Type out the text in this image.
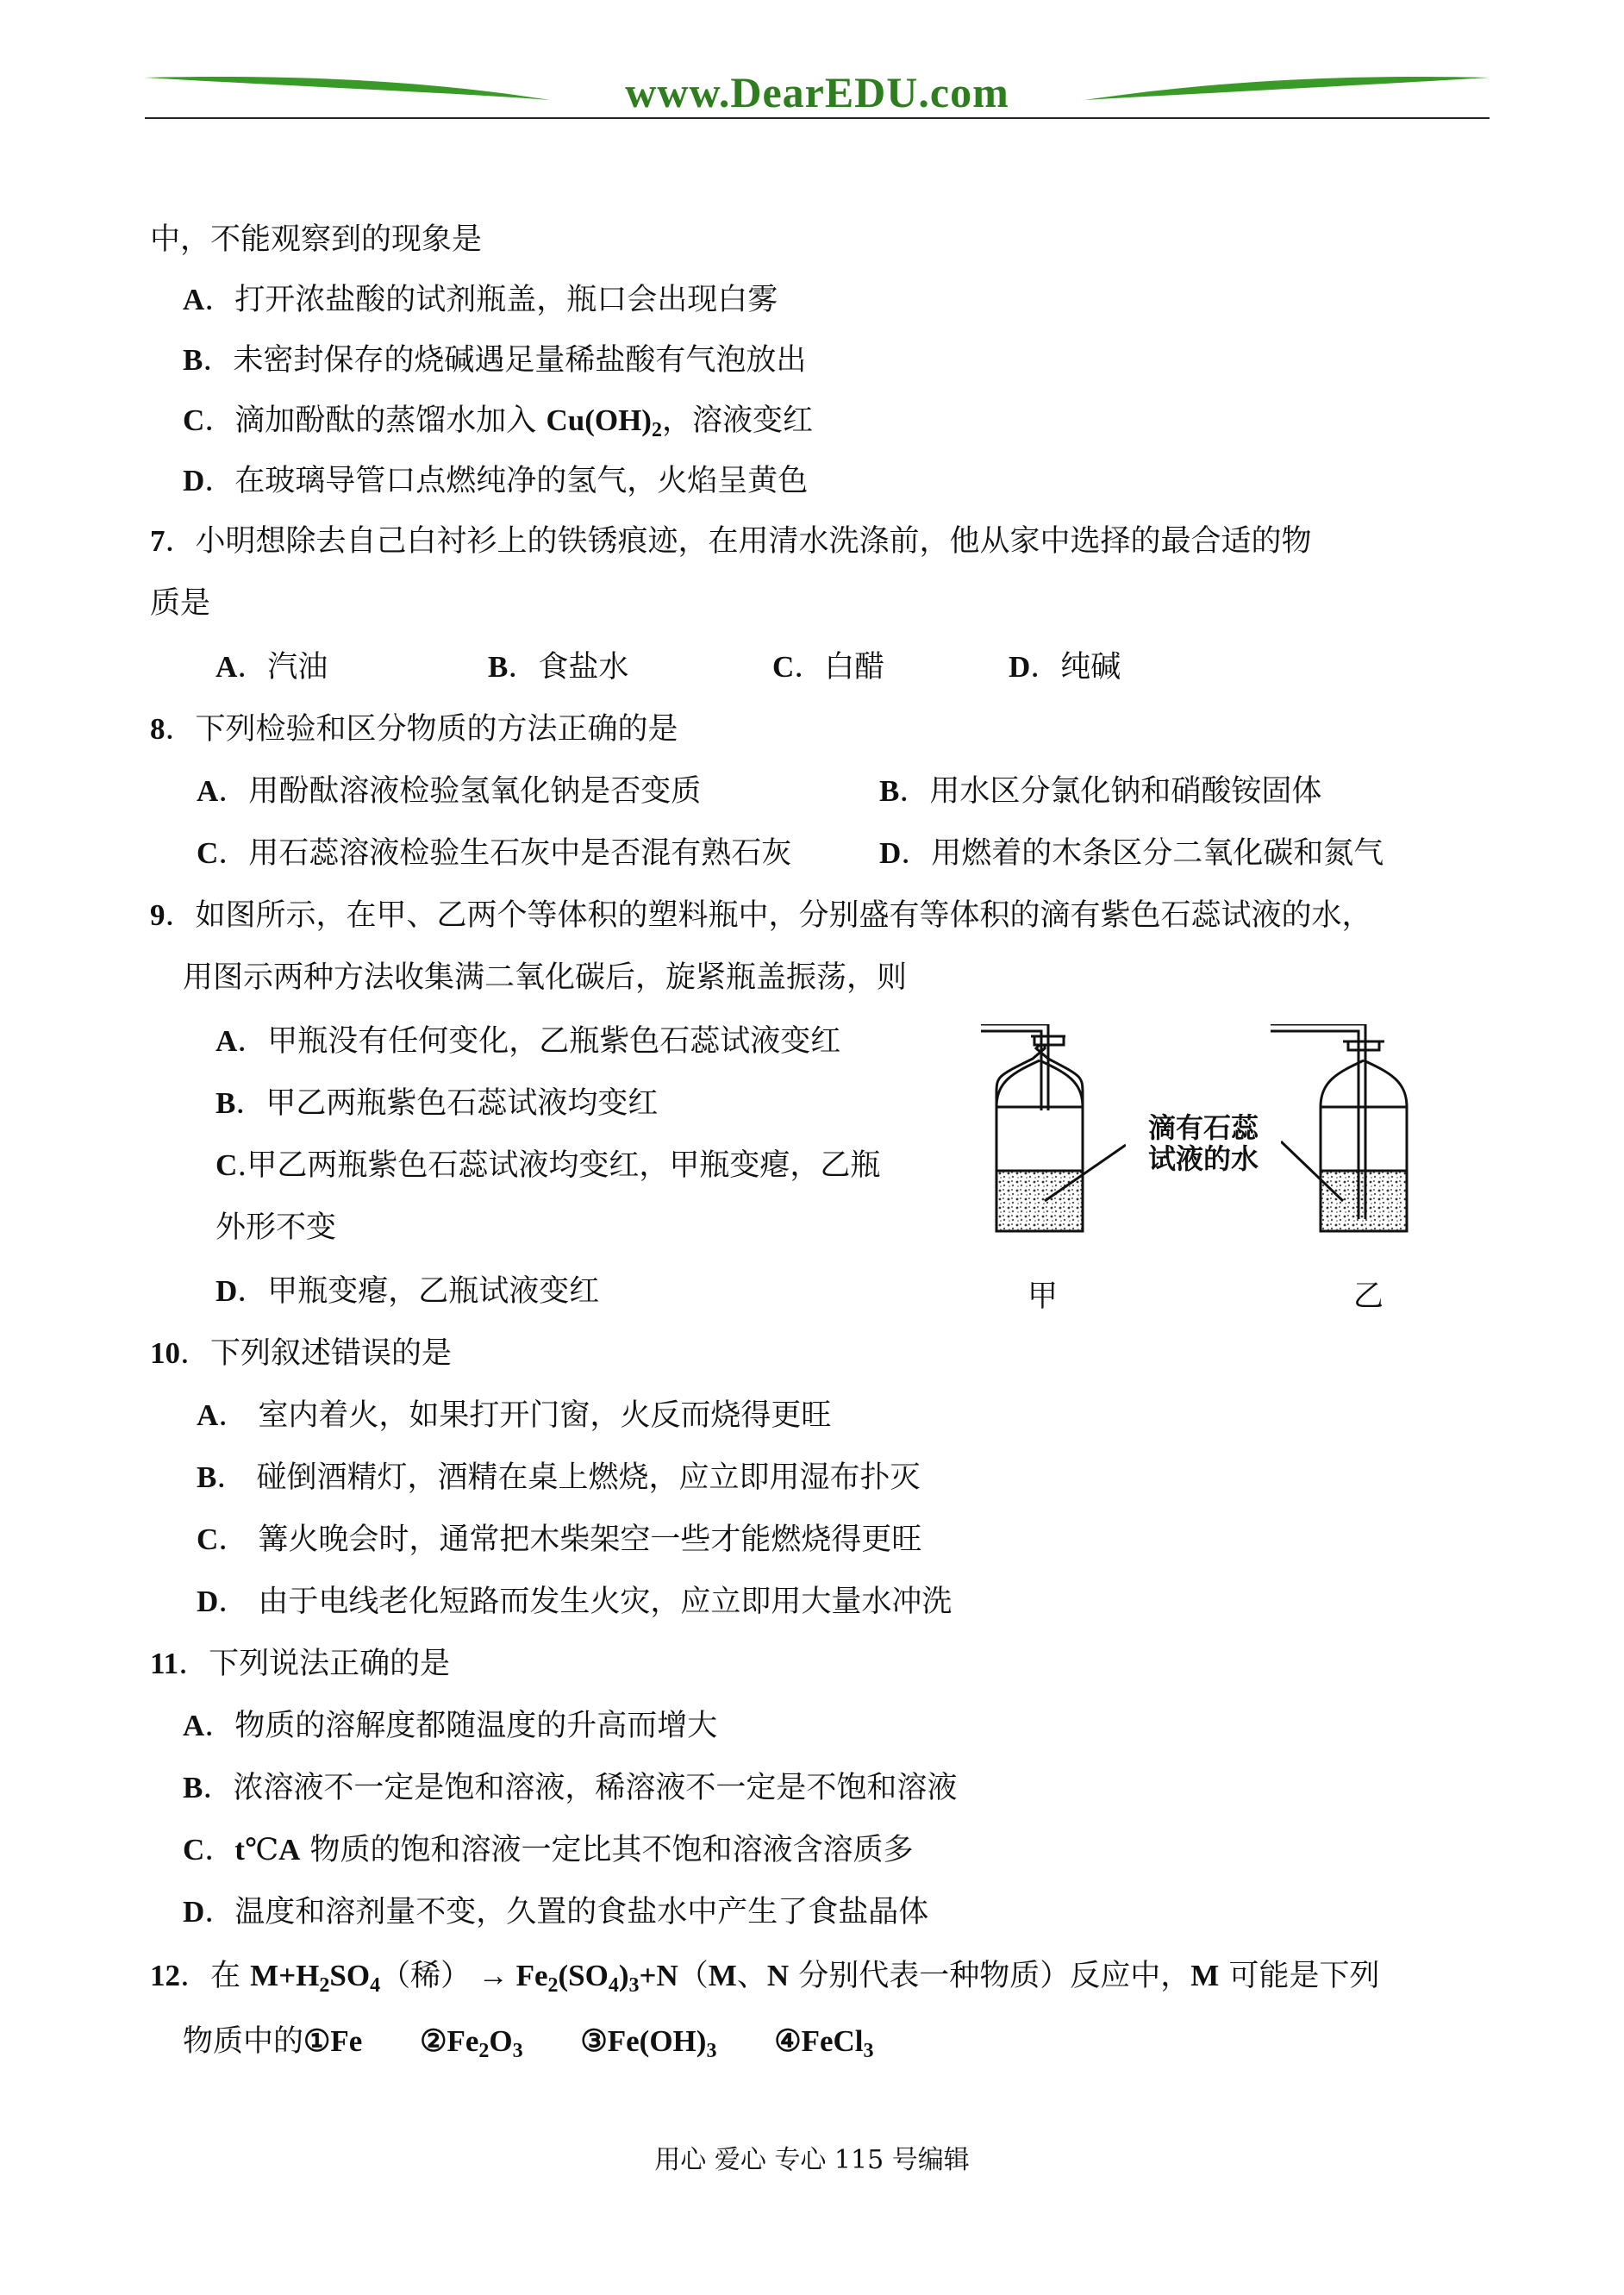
www.DearEDU.com
中，不能观察到的现象是
A．打开浓盐酸的试剂瓶盖，瓶口会出现白雾
B．未密封保存的烧碱遇足量稀盐酸有气泡放出
C．滴加酚酞的蒸馏水加入 $Cu(OH)_2$，溶液变红
D．在玻璃导管口点燃纯净的氢气，火焰呈黄色
7．小明想除去自己白衬衫上的铁锈痕迹，在用清水洗涤前，他从家中选择的最合适的物
质是
A．汽油	B．食盐水	C．白醋	D．纯碱
8．下列检验和区分物质的方法正确的是
A．用酚酞溶液检验氢氧化钠是否变质	B．用水区分氯化钠和硝酸铵固体
C．用石蕊溶液检验生石灰中是否混有熟石灰	D．用燃着的木条区分二氧化碳和氮气
9．如图所示，在甲、乙两个等体积的塑料瓶中，分别盛有等体积的滴有紫色石蕊试液的水，
用图示两种方法收集满二氧化碳后，旋紧瓶盖振荡，则
A．甲瓶没有任何变化，乙瓶紫色石蕊试液变红
B．甲乙两瓶紫色石蕊试液均变红
C.甲乙两瓶紫色石蕊试液均变红，甲瓶变瘪，乙瓶
外形不变
D．甲瓶变瘪，乙瓶试液变红
滴有石蕊
试液的水
甲	乙
10．下列叙述错误的是
A． 室内着火，如果打开门窗，火反而烧得更旺
B． 碰倒酒精灯，酒精在桌上燃烧，应立即用湿布扑灭
C． 篝火晚会时，通常把木柴架空一些才能燃烧得更旺
D． 由于电线老化短路而发生火灾，应立即用大量水冲洗
11．下列说法正确的是
A．物质的溶解度都随温度的升高而增大
B．浓溶液不一定是饱和溶液，稀溶液不一定是不饱和溶液
C．t℃A 物质的饱和溶液一定比其不饱和溶液含溶质多
D．温度和溶剂量不变，久置的食盐水中产生了食盐晶体
12．在 $M+H_2SO_4$（稀） → $Fe_2(SO_4)_3+N(M$、N 分别代表一种物质）反应中，M 可能是下列
物质中的①Fe $②Fe_2O_3$ $③Fe(OH)_3$ ④FeCl$_3$
用心 爱心 专心 115 号编辑
